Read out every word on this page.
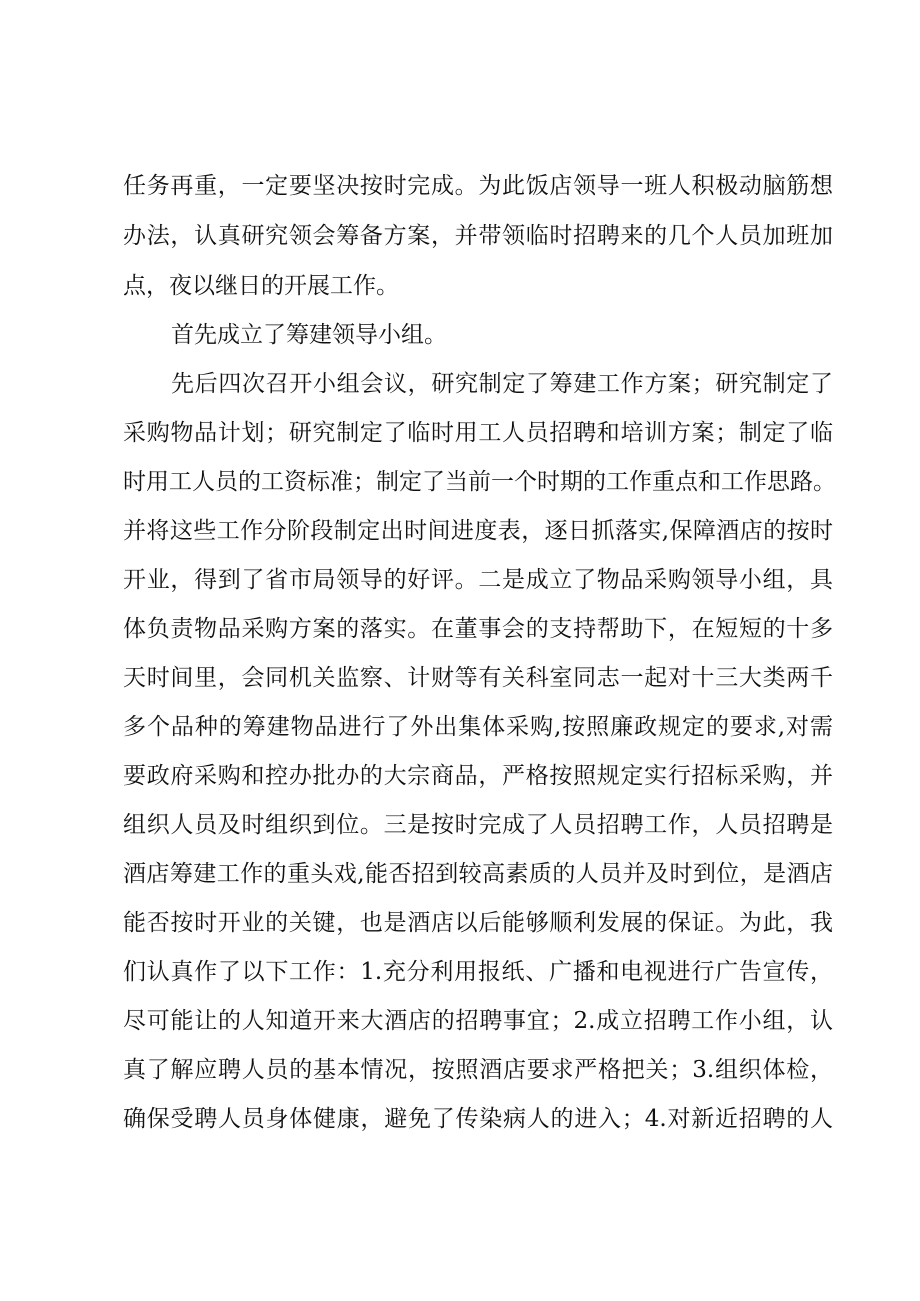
任务再重，一定要坚决按时完成。为此饭店领导一班人积极动脑筋想
办法，认真研究领会筹备方案，并带领临时招聘来的几个人员加班加
点，夜以继日的开展工作。
首先成立了筹建领导小组。
先后四次召开小组会议，研究制定了筹建工作方案；研究制定了
采购物品计划；研究制定了临时用工人员招聘和培训方案；制定了临
时用工人员的工资标准；制定了当前一个时期的工作重点和工作思路。
并将这些工作分阶段制定出时间进度表，逐日抓落实,保障酒店的按时
开业，得到了省市局领导的好评。二是成立了物品采购领导小组，具
体负责物品采购方案的落实。在董事会的支持帮助下，在短短的十多
天时间里，会同机关监察、计财等有关科室同志一起对十三大类两千
多个品种的筹建物品进行了外出集体采购,按照廉政规定的要求,对需
要政府采购和控办批办的大宗商品，严格按照规定实行招标采购，并
组织人员及时组织到位。三是按时完成了人员招聘工作，人员招聘是
酒店筹建工作的重头戏,能否招到较高素质的人员并及时到位，是酒店
能否按时开业的关键，也是酒店以后能够顺利发展的保证。为此，我
们认真作了以下工作：1.充分利用报纸、广播和电视进行广告宣传，
尽可能让的人知道开来大酒店的招聘事宜；2.成立招聘工作小组，认
真了解应聘人员的基本情况，按照酒店要求严格把关；3.组织体检，
确保受聘人员身体健康，避免了传染病人的进入；4.对新近招聘的人
